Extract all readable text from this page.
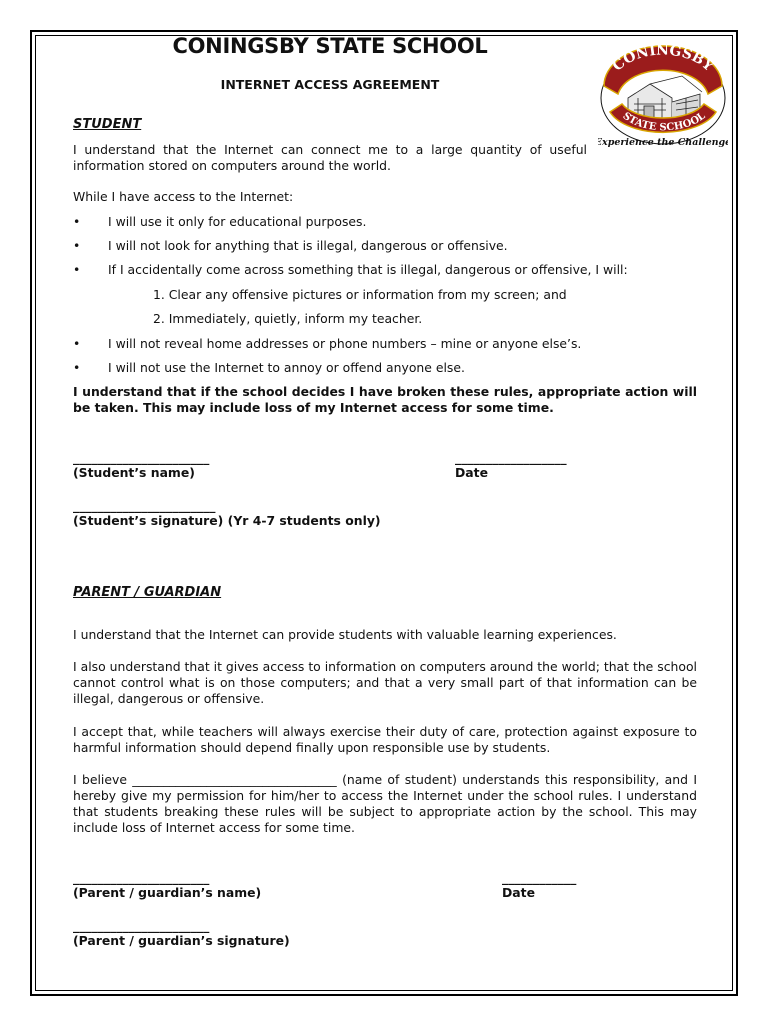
CONINGSBY STATE SCHOOL
INTERNET ACCESS AGREEMENT
CONINGSBY
STATE SCHOOL
Experience the Challenge
STUDENT

I understand that the Internet can connect me to a large quantity of useful information stored on computers around the world.

While I have access to the Internet:

• I will use it only for educational purposes.
• I will not look for anything that is illegal, dangerous or offensive.
• If I accidentally come across something that is illegal, dangerous or offensive, I will:
1. Clear any offensive pictures or information from my screen; and
2. Immediately, quietly, inform my teacher.
• I will not reveal home addresses or phone numbers – mine or anyone else’s.
• I will not use the Internet to annoy or offend anyone else.

I understand that if the school decides I have broken these rules, appropriate action will be taken. This may include loss of my Internet access for some time.

______________________
(Student’s name)
__________________
Date
_______________________
(Student’s signature) (Yr 4-7 students only)
PARENT / GUARDIAN

I understand that the Internet can provide students with valuable learning experiences.

I also understand that it gives access to information on computers around the world; that the school cannot control what is on those computers; and that a very small part of that information can be illegal, dangerous or offensive.

I accept that, while teachers will always exercise their duty of care, protection against exposure to harmful information should depend finally upon responsible use by students.

I believe _________________________________ (name of student) understands this responsibility, and I hereby give my permission for him/her to access the Internet under the school rules. I understand that students breaking these rules will be subject to appropriate action by the school. This may include loss of Internet access for some time.

______________________
(Parent / guardian’s name)
____________
Date
______________________
(Parent / guardian’s signature)
